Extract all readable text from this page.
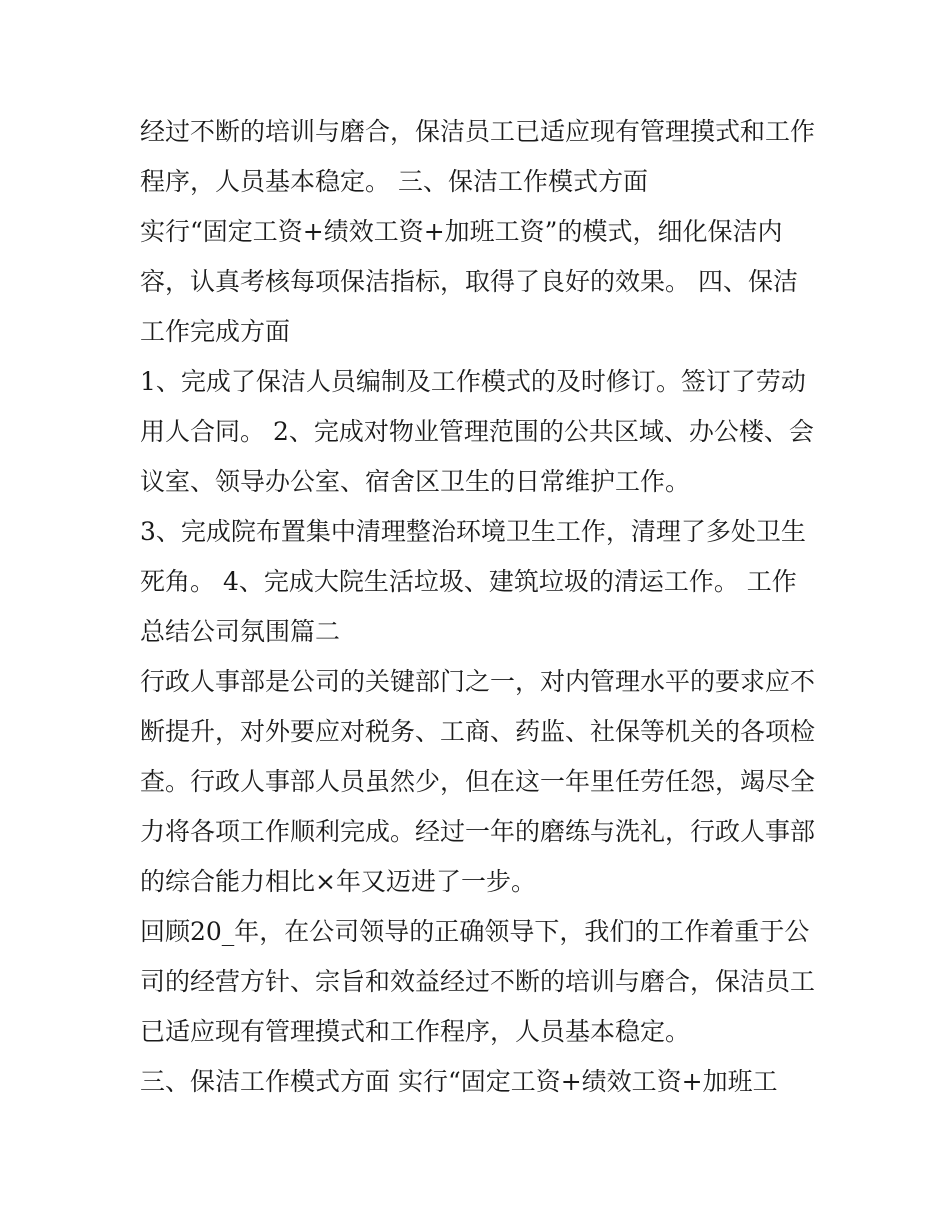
经过不断的培训与磨合，保洁员工已适应现有管理摸式和工作
程序，人员基本稳定。 三、保洁工作模式方面
实行“固定工资+绩效工资+加班工资”的模式，细化保洁内
容，认真考核每项保洁指标，取得了良好的效果。 四、保洁
工作完成方面
1、完成了保洁人员编制及工作模式的及时修订。签订了劳动
用人合同。 2、完成对物业管理范围的公共区域、办公楼、会
议室、领导办公室、宿舍区卫生的日常维护工作。
3、完成院布置集中清理整治环境卫生工作，清理了多处卫生
死角。 4、完成大院生活垃圾、建筑垃圾的清运工作。 工作
总结公司氛围篇二
行政人事部是公司的关键部门之一，对内管理水平的要求应不
断提升，对外要应对税务、工商、药监、社保等机关的各项检
查。行政人事部人员虽然少，但在这一年里任劳任怨，竭尽全
力将各项工作顺利完成。经过一年的磨练与洗礼，行政人事部
的综合能力相比×年又迈进了一步。
回顾20_年，在公司领导的正确领导下，我们的工作着重于公
司的经营方针、宗旨和效益经过不断的培训与磨合，保洁员工
已适应现有管理摸式和工作程序，人员基本稳定。
三、保洁工作模式方面 实行“固定工资+绩效工资+加班工
